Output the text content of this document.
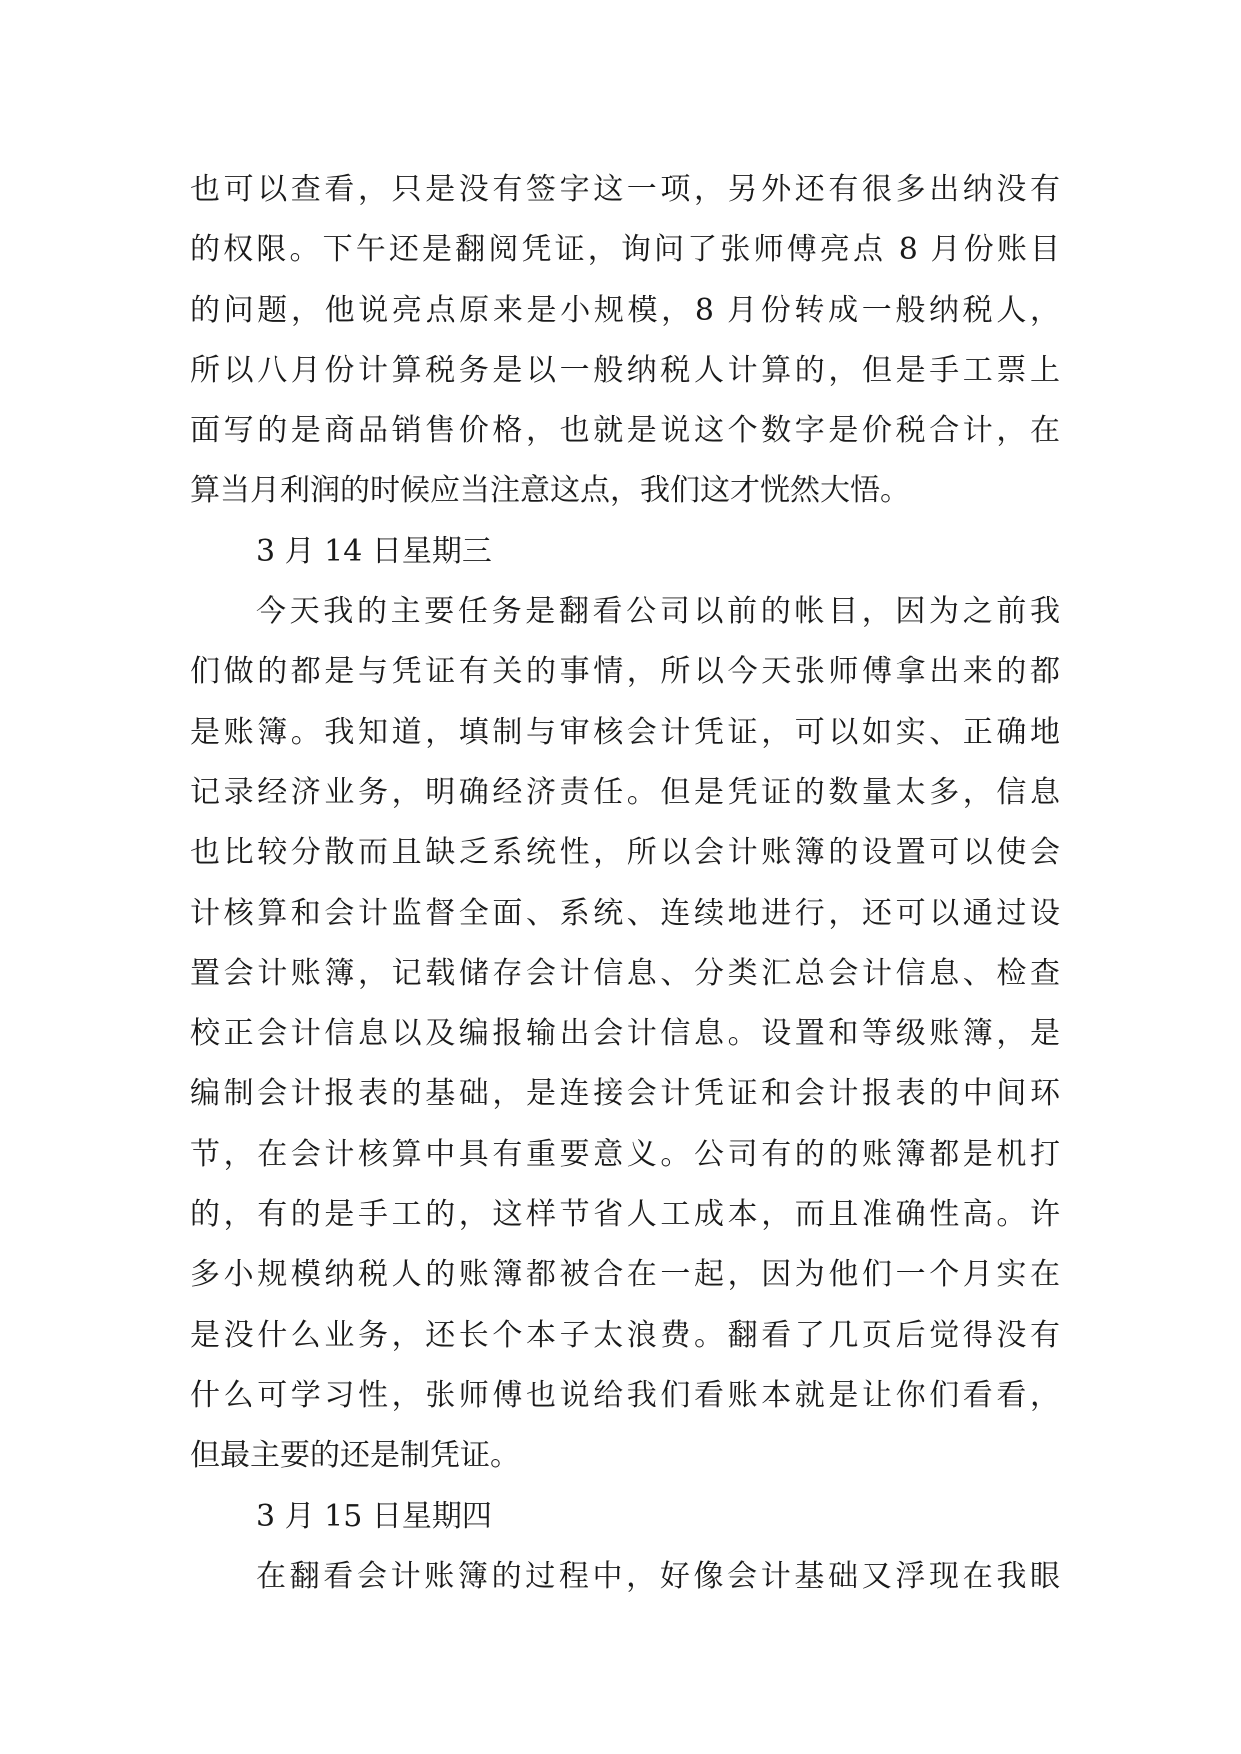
也可以查看，只是没有签字这一项，另外还有很多出纳没有
的权限。下午还是翻阅凭证，询问了张师傅亮点 8 月份账目
的问题，他说亮点原来是小规模，8 月份转成一般纳税人，
所以八月份计算税务是以一般纳税人计算的，但是手工票上
面写的是商品销售价格，也就是说这个数字是价税合计，在
算当月利润的时候应当注意这点，我们这才恍然大悟。
3 月 14 日星期三
今天我的主要任务是翻看公司以前的帐目，因为之前我
们做的都是与凭证有关的事情，所以今天张师傅拿出来的都
是账簿。我知道，填制与审核会计凭证，可以如实、正确地
记录经济业务，明确经济责任。但是凭证的数量太多，信息
也比较分散而且缺乏系统性，所以会计账簿的设置可以使会
计核算和会计监督全面、系统、连续地进行，还可以通过设
置会计账簿，记载储存会计信息、分类汇总会计信息、检查
校正会计信息以及编报输出会计信息。设置和等级账簿，是
编制会计报表的基础，是连接会计凭证和会计报表的中间环
节，在会计核算中具有重要意义。公司有的的账簿都是机打
的，有的是手工的，这样节省人工成本，而且准确性高。许
多小规模纳税人的账簿都被合在一起，因为他们一个月实在
是没什么业务，还长个本子太浪费。翻看了几页后觉得没有
什么可学习性，张师傅也说给我们看账本就是让你们看看，
但最主要的还是制凭证。
3 月 15 日星期四
在翻看会计账簿的过程中，好像会计基础又浮现在我眼
